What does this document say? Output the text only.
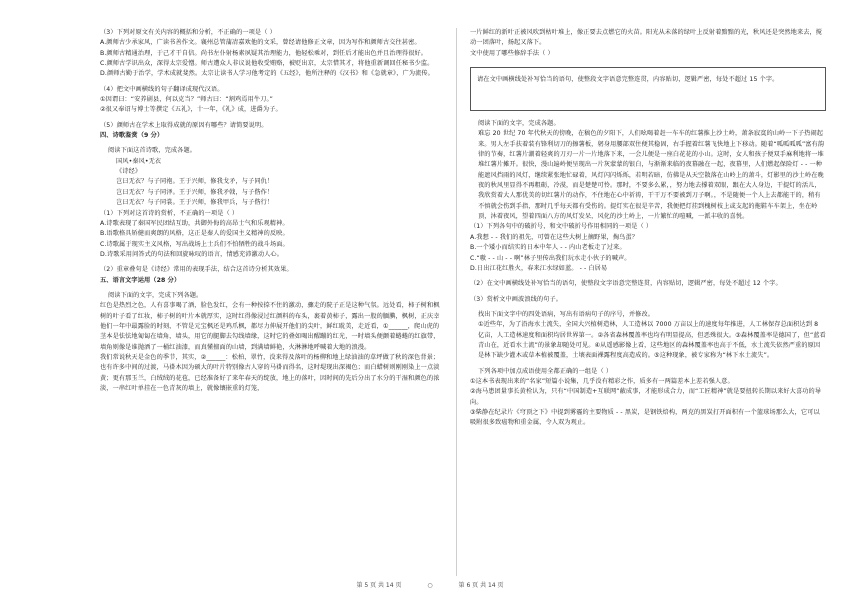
（3）下列对原文有关内容的概括和分析，不正确的一项是（ ）

A.颜师古少承家风，广读书善作文。襄州总管蒲凊嘉欢他的文采，曾经请他修正文章，因为写作和颜师古交往甚密。

B.颜师古精通治理，于己才干自信。尚书左仆射杨素夙疑其治理能力，他轻松乘对，到任后才能出色并且治理得很好。

C.颜师古学识出众，深得太宗爱憎。师古遭众人非议说他收受贿赂，被贬出京，太宗惜其才，将他重新调回任秘书少监。

D.颜师古勤于治学，学术成就斐然。太宗让读书人学习他考定的《五经》，他所注释的《汉书》和《急就章》，广为流传。

（4）把文中画横线的句子翻译成现代汉语。

①因谓曰：“安养剧县，何以克当？”师古曰：“割鸡焉用牛刀。”

②很又奉诏与博士等撰定《五礼》，十一年，《礼》成，进爵为子。

（5）颜师古在学术上取得成就的原因有哪些？请简要说明。

四、诗歌鉴赏（9 分）

阅读下面这首诗歌，完成各题。

国风•秦风•无衣

《诗经》

岂曰无衣？与子同袍。王于兴师，修我戈矛，与子同仇！

岂曰无衣？与子同泽。王于兴师，修我矛戟，与子偕作！

岂曰无衣？与子同裳。王于兴师，修我甲兵，与子偕行！

（1）下列对这首诗的赏析，不正确的一项是（ ）

A.诗歌表现了秦国军民团结互助，共御外侮的高昂士气和乐观精神。

B.语歌格具矫健而爽朗的风格，这正是秦人的爱国主义精神的反映。

C.诗歌属于现实主义风格，写出战场上士兵们不怕牺牲的战斗场面。

D.诗歌采用问答式的句法和回旋咏叹的语言，情感充沛激动人心。

（2）重章叠句是《诗经》常用的表现手法，结合这首诗分析其效果。

五、语言文字运用（28 分）

阅读下面的文字，完成下列各题。

红色是热烈之色，人有喜事喝了酒，脸色发红，会有一种按捺不住的激动，骤走的院子正是这种气氛。远处看，柿子树和枫树的叶子看了红妆，柿子树的叶片本就厚实，这时红得像浸过红颜料的布头，裹着黄柿子，露出一股的腼腆，枫树，正庆幸他们一年中最露脸的时刻，不管是元宝枫还是鸡爪枫，都尽力伸展开他们的尖叶，鲜红耽美，走近看，①______，爬山虎的茎本是怯怯地匍匐在墙角，墙头，用它的腿脚去勾线墙缘，这时它的叠如喝出醒蹦的红光，一时墙头便颤着蜷蜷的红旗带，墙角则像是谁抛洒了一桶红油漆，而真懂擅面的山墙，到满墙鲜艳，火淋淋地呼喊着大地的浪漫。

我们常说秋天是金色的季节，其实，②______：松柏，翠竹，没来得及落叶的杨柳和地上绿油油的草坪做了秋的深色背景；也有许多中间的过渡，马褂木因为硕大的叶片特别像古人穿的马褂而得名，这时堤现出深褐色；而白蜡树则刚刚染上一点淡黄；更有那玉兰，白绒绒的花苞，已经准备好了来年春天的绽放，地上的落叶，因时间的先后分出了水分的干湿和颜色的浓淡，一串红叶单挂在一色青灰的墙上，就像镶嵌重的灯笼，

一片鲜红的新叶正被风吹到枯叶堆上，像正要去点燃它的火苗。阳光从未落的绿叶上反射着黯黯的光，秋风还是突然地来去，搅动一团落叶，扬起又落下。

文中使用了哪些修辞手法（ ）

请在文中画横线处补写恰当的语句，使整段文字语意完整连贯，内容贴切，逻辑严密，每处不超过 15 个字。

阅读下面的文字，完成各题。

难忘 20 世纪 70 年代秋天的傍晚，在稿色的夕阳下，人们吆喝着赶一车车的红薯推上沙土岭，萧条寂寞的山岭一下子热闹起来。男人左手扶着装有锋利切刀的擦薯板，躬身用腰部双住便其稳固，右手握着红薯飞快地上下移动。随着“呱呱呱呱”富有韵律的节奏，红薯片潮着轻爽的刀刃一片一片地落下来，一会儿便是一座白花花的小山。这时，女人和孩子便双手麻利地将一堆堆红薯片摊开。很快，漫山遍岭便呈现出一片灰蒙蒙的银白，与渐渐来临的夜幕融在一起，夜幕里，人们燃起保险灯 - - 一种能遮风挡雨的风灯，继续紧张地忙碌着，风灯闪闪烁烁，若明若暗，仿佛是从天空散落在山岭上的萧斗，灯影里的沙土岭在晚夜的秋风里显得不再粗砺，冷漠，而是楚楚可怜。那时，不要多么累，，努力地去撑着双眼，跟在大人身边，干提灯的活儿，我欣赏着大人那优美的切红薯片的动作，不住地在心中祈祷，干干万不要被到刀子啊。，不是随便一个人上去都能干的，稍有不慎就会伤到手指，那时几乎每天都有受伤的。提灯实在很是辛苦，我便把灯挂到槐树枝上或支起的拖鞋车车架上，坐在岭顶，沐着夜风，望着四面八方的风灯发呆，风化的沙土岭上，一片繁忙的喧喊，一派丰收的喜悦。

（1）下列各句中的破折号，和文中破折号作用相同的一项是（ ）

A.我想 - - 我们的祖先，可曾在这些大树上摘野果，掏鸟蛋？

B.一个矮小而结实的日本中年人 - - 内山老板走了过来。

C.“嗷 - - 山 - - 啊”林子里传出我们玩水走小伙子的喊声。

D.日出江花红胜火，春来江水绿如蓝。 - - 白居易

（2）在文中画横线处补写恰当的语句，使整段文字语意完整连贯，内容贴切，逻辑严密，每处不超过 12 个字。

（3）赏析文中画波浪线的句子。

找出下面文字中的四处语病，写出有语病句子的序号，并修改。

①近些年，为了沿海水土流失，全国大兴植树造林，人工造林以 7000 万亩以上的速度每年推进，人工林保存总面积达到 8 亿亩，人工造林速度和面积均居世界第一。②各省森林覆盖率也均有明显提高，但恶殊很大。③森林覆盖率是德国了，但“蓝看青山在，近看水土流”的景象却随处可见。④从遥感影像上看，这些地区的森林覆盖率也高于不低，水土流失依然严重的原因是林下缺少灌木或草本植被覆盖，土壤表面裸露程度高造成的。⑤这种现象，被专家称为“林下水土流失”。

下列各项中加点成语使用全都正确的一组是（ ）

①这本书表现出来的“名家”短篇小说集，几乎没有精彩之作，质多有一两篇差本上差若强人意。

②海马患团量事长黄栓认为，只有“中国制造+互联网”蔽成事，才能形成合力，而“工匠精神”就是要扭转长期以来好大喜功的导向。

③柴静在纪录片《穹顶之下》中提到雾霾的主要物质 - - 黑炭，是钢铁焙构，两克的黑炭打开面积有一个篮球场那么大，它可以吸附很多致癌物和重金属，令人双为观止。

第 5 页 共 14 页	○	第 6 页 共 14 页
